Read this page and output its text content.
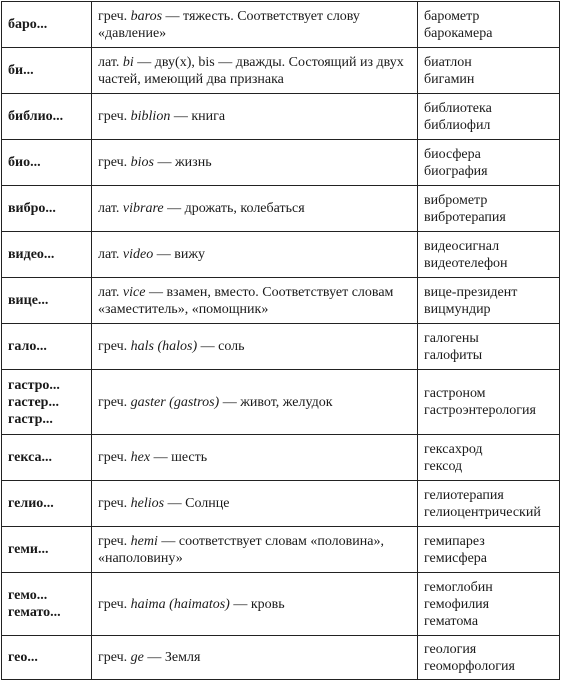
баро...	греч. baros — тяжесть. Соответствует слову «давление»	барометр
барокамера

би...	лат. bi — дву(х), bis — дважды. Состоящий из двух частей, имеющий два признака	биатлон
бигамин

библио...	греч. biblion — книга	библиотека
библиофил

био...	греч. bios — жизнь	биосфера
биография

вибро...	лат. vibrare — дрожать, колебаться	виброметр
вибротерапия

видео...	лат. video — вижу	видеосигнал
видеотелефон

вице...	лат. vice — взамен, вместо. Соответствует словам «заместитель», «помощник»	вице-президент
вицмундир

гало...	греч. hals (halos) — соль	галогены
галофиты

гастро...
гастер...
гастр...	греч. gaster (gastros) — живот, желудок	гастроном
гастроэнтерология

гекса...	греч. hex — шесть	гексахрод
гексод

гелио...	греч. helios — Солнце	гелиотерапия
гелиоцентрический

геми...	греч. hemi — соответствует словам «половина», «наполовину»	гемипарез
гемисфера

гемо...
гемато...	греч. haima (haimatos) — кровь	гемоглобин
гемофилия
гематома

гео...	греч. ge — Земля	геология
геоморфология
